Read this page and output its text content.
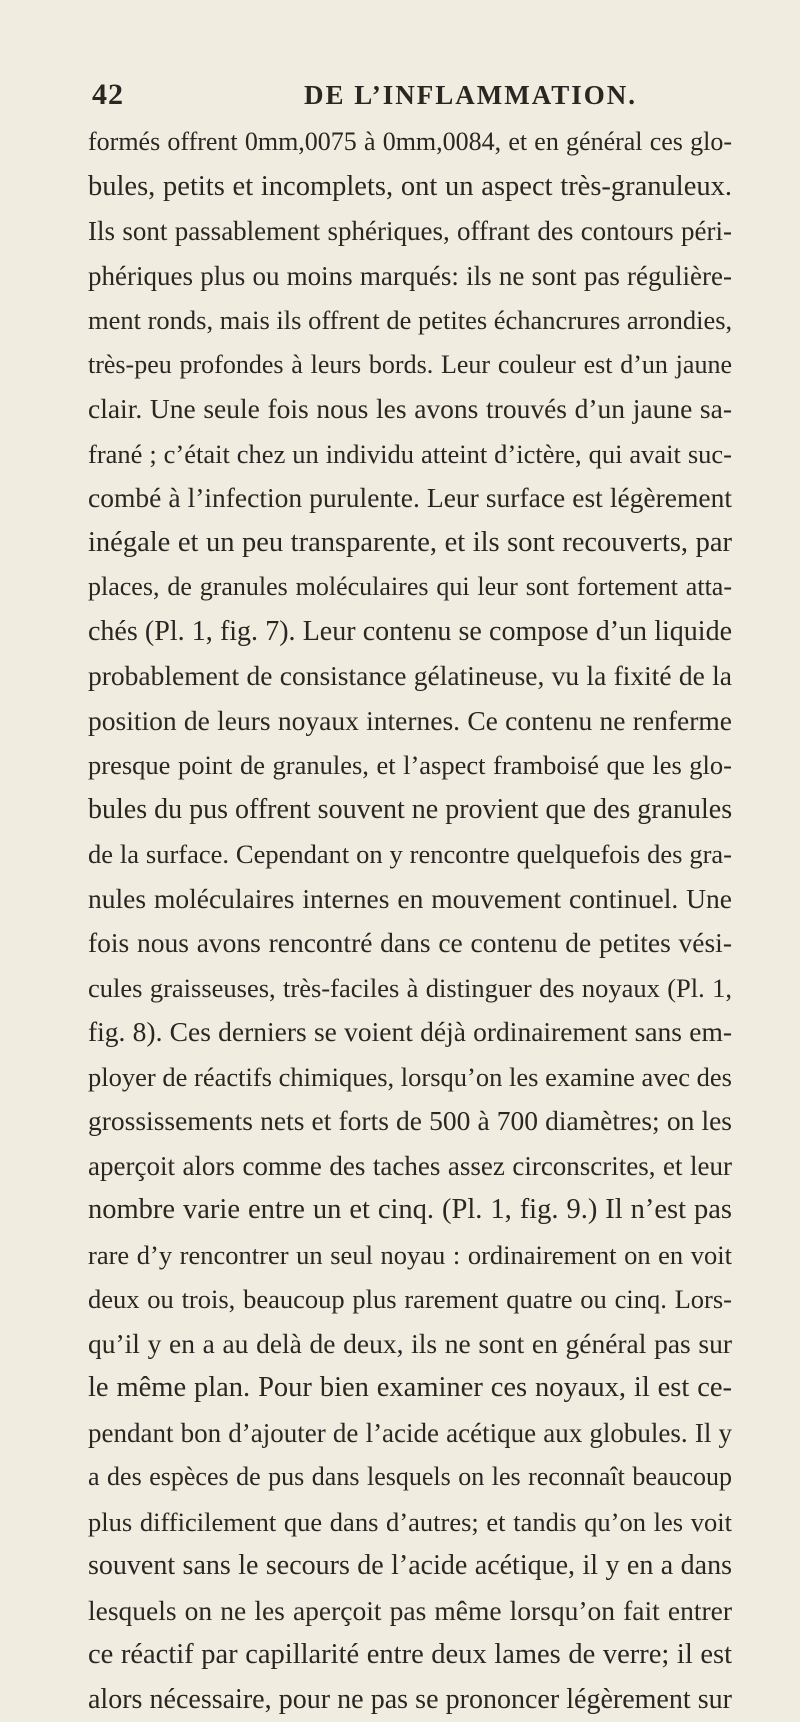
42	DE L’INFLAMMATION.
formés offrent 0mm,0075 à 0mm,0084, et en général ces glo-
bules, petits et incomplets, ont un aspect très-granuleux.
Ils sont passablement sphériques, offrant des contours péri-
phériques plus ou moins marqués: ils ne sont pas régulière-
ment ronds, mais ils offrent de petites échancrures arrondies,
très-peu profondes à leurs bords. Leur couleur est d’un jaune
clair. Une seule fois nous les avons trouvés d’un jaune sa-
frané ; c’était chez un individu atteint d’ictère, qui avait suc-
combé à l’infection purulente. Leur surface est légèrement
inégale et un peu transparente, et ils sont recouverts, par
places, de granules moléculaires qui leur sont fortement atta-
chés (Pl. 1, fig. 7). Leur contenu se compose d’un liquide
probablement de consistance gélatineuse, vu la fixité de la
position de leurs noyaux internes. Ce contenu ne renferme
presque point de granules, et l’aspect framboisé que les glo-
bules du pus offrent souvent ne provient que des granules
de la surface. Cependant on y rencontre quelquefois des gra-
nules moléculaires internes en mouvement continuel. Une
fois nous avons rencontré dans ce contenu de petites vési-
cules graisseuses, très-faciles à distinguer des noyaux (Pl. 1,
fig. 8). Ces derniers se voient déjà ordinairement sans em-
ployer de réactifs chimiques, lorsqu’on les examine avec des
grossissements nets et forts de 500 à 700 diamètres; on les
aperçoit alors comme des taches assez circonscrites, et leur
nombre varie entre un et cinq. (Pl. 1, fig. 9.) Il n’est pas
rare d’y rencontrer un seul noyau : ordinairement on en voit
deux ou trois, beaucoup plus rarement quatre ou cinq. Lors-
qu’il y en a au delà de deux, ils ne sont en général pas sur
le même plan. Pour bien examiner ces noyaux, il est ce-
pendant bon d’ajouter de l’acide acétique aux globules. Il y
a des espèces de pus dans lesquels on les reconnaît beaucoup
plus difficilement que dans d’autres; et tandis qu’on les voit
souvent sans le secours de l’acide acétique, il y en a dans
lesquels on ne les aperçoit pas même lorsqu’on fait entrer
ce réactif par capillarité entre deux lames de verre; il est
alors nécessaire, pour ne pas se prononcer légèrement sur
